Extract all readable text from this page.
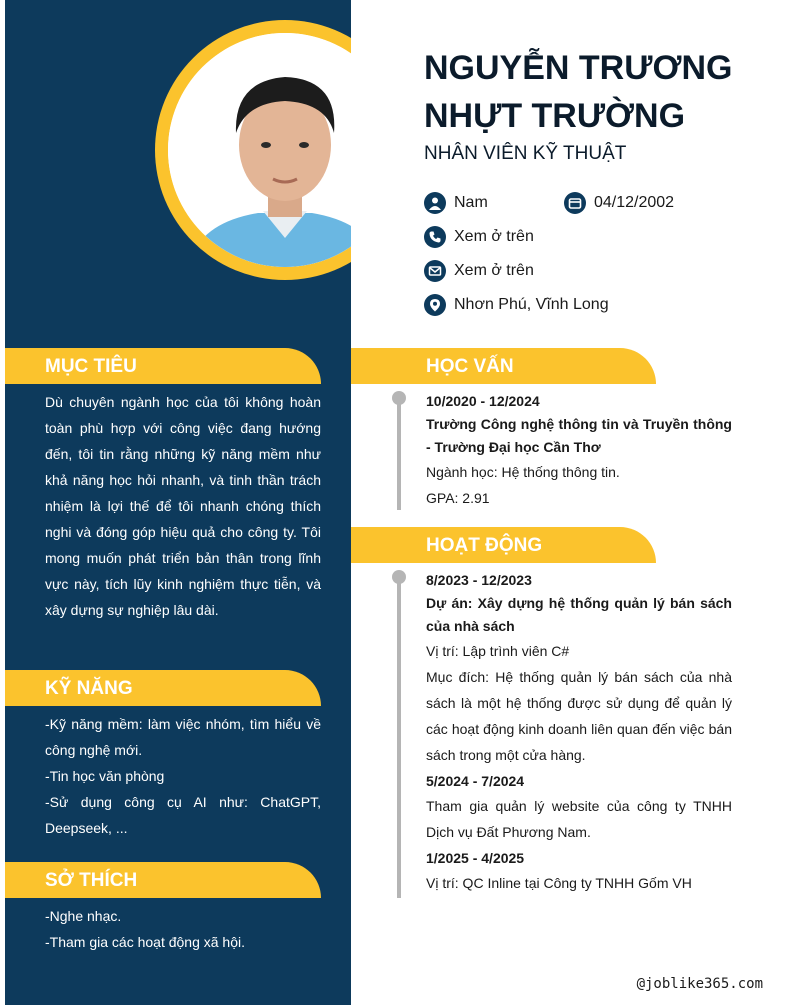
NGUYỄN TRƯƠNG
NHỰT TRƯỜNG
NHÂN VIÊN KỸ THUẬT
Nam	04/12/2002
Xem ở trên
Xem ở trên
Nhơn Phú, Vĩnh Long
MỤC TIÊU

Dù chuyên ngành học của tôi không hoàn toàn phù hợp với công việc đang hướng đến, tôi tin rằng những kỹ năng mềm như khả năng học hỏi nhanh, và tinh thần trách nhiệm là lợi thế để tôi nhanh chóng thích nghi và đóng góp hiệu quả cho công ty. Tôi mong muốn phát triển bản thân trong lĩnh vực này, tích lũy kinh nghiệm thực tiễn, và xây dựng sự nghiệp lâu dài.

KỸ NĂNG

-Kỹ năng mềm: làm việc nhóm, tìm hiểu về công nghệ mới.

-Tin học văn phòng

-Sử dụng công cụ AI như: ChatGPT, Deepseek, ...

SỞ THÍCH

-Nghe nhạc.

-Tham gia các hoạt động xã hội.

HỌC VẤN
10/2020 - 12/2024
Trường Công nghệ thông tin và Truyền thông - Trường Đại học Cần Thơ
Ngành học: Hệ thống thông tin.
GPA: 2.91
HOẠT ĐỘNG
8/2023 - 12/2023
Dự án: Xây dựng hệ thống quản lý bán sách của nhà sách
Vị trí: Lập trình viên C#
Mục đích: Hệ thống quản lý bán sách của nhà sách là một hệ thống được sử dụng để quản lý các hoạt động kinh doanh liên quan đến việc bán sách trong một cửa hàng.
5/2024 - 7/2024
Tham gia quản lý website của công ty TNHH Dịch vụ Đất Phương Nam.
1/2025 - 4/2025
Vị trí: QC Inline tại Công ty TNHH Gốm VH
@joblike365.com
